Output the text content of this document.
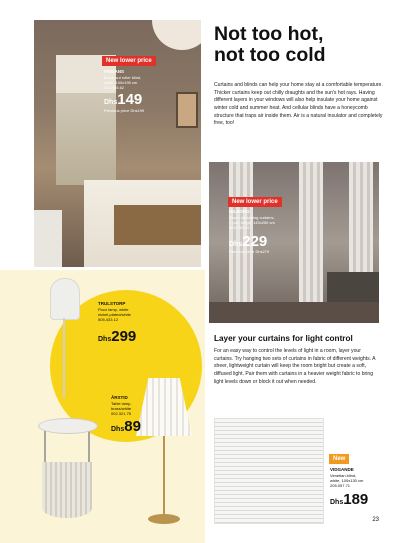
New lower price
FRIDANS
Block-out roller blind,
white, 100x195 cm
203.965.62
Dhs149
Previous price Dhs199
Not too hot,
not too cold
Curtains and blinds can help your home stay at a comfortable temperature. Thicker curtains keep out chilly draughts and the sun's hot rays. Having different layers in your windows will also help insulate your home against winter cold and summer heat. And cellular blinds have a honeycomb structure that traps air inside them. Air is a natural insulator and completely free, too!
New lower price
HILBORG
Room darkening curtains,
1 pair, beige, 145x250 cm
903.756.14
Dhs229
Previous price Dhs279
Layer your curtains for light control
For an easy way to control the levels of light in a room, layer your curtains. Try hanging two sets of curtains in fabric of different weights. A sheer, lightweight curtain will keep the room bright but create a soft, diffused light. Pair them with curtains in a heavier weight fabric to bring light levels down or block it out when needed.
TRULSTORP
Floor lamp, white
nickel-plated/white
505.433.12
Dhs299
ÅRSTID
Table lamp,
brass/white
002.321.75
Dhs89
New
VIDGANDE
Venetian blind,
white, 100x130 cm
205.057.71
Dhs189
23
